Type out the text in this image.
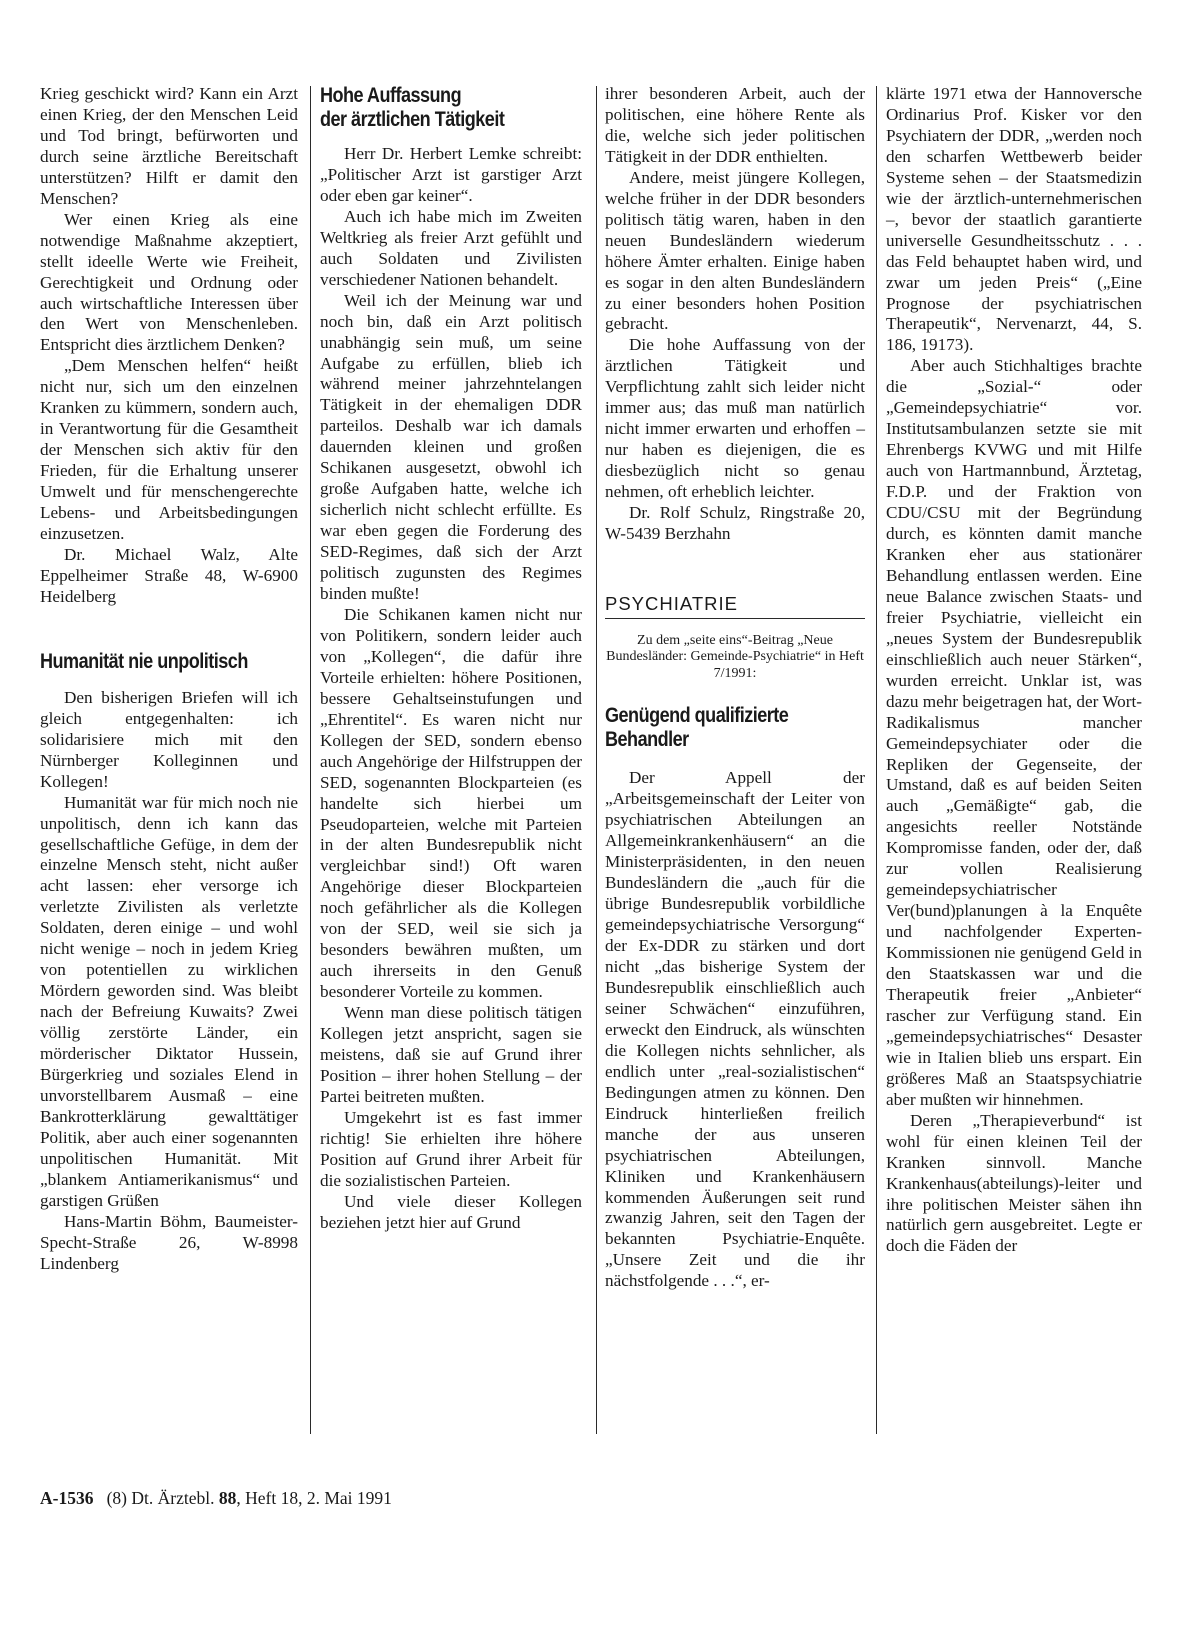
Krieg geschickt wird? Kann ein Arzt einen Krieg, der den Menschen Leid und Tod bringt, befürworten und durch seine ärztliche Bereitschaft unterstützen? Hilft er damit den Menschen?

Wer einen Krieg als eine notwendige Maßnahme akzeptiert, stellt ideelle Werte wie Freiheit, Gerechtigkeit und Ordnung oder auch wirtschaftliche Interessen über den Wert von Menschenleben. Entspricht dies ärztlichem Denken?

„Dem Menschen helfen“ heißt nicht nur, sich um den einzelnen Kranken zu kümmern, sondern auch, in Verantwortung für die Gesamtheit der Menschen sich aktiv für den Frieden, für die Erhaltung unserer Umwelt und für menschengerechte Lebens- und Arbeitsbedingungen einzusetzen.

Dr. Michael Walz, Alte Eppelheimer Straße 48, W-6900 Heidelberg

Humanität nie unpolitisch

Den bisherigen Briefen will ich gleich entgegenhalten: ich solidarisiere mich mit den Nürnberger Kolleginnen und Kollegen!

Humanität war für mich noch nie unpolitisch, denn ich kann das gesellschaftliche Gefüge, in dem der einzelne Mensch steht, nicht außer acht lassen: eher versorge ich verletzte Zivilisten als verletzte Soldaten, deren einige – und wohl nicht wenige – noch in jedem Krieg von potentiellen zu wirklichen Mördern geworden sind. Was bleibt nach der Befreiung Kuwaits? Zwei völlig zerstörte Länder, ein mörderischer Diktator Hussein, Bürgerkrieg und soziales Elend in unvorstellbarem Ausmaß – eine Bankrotterklärung gewalttätiger Politik, aber auch einer sogenannten unpolitischen Humanität. Mit „blankem Antiamerikanismus“ und garstigen Grüßen

Hans-Martin Böhm, Baumeister-Specht-Straße 26, W-8998 Lindenberg

Hohe Auffassung
der ärztlichen Tätigkeit

Herr Dr. Herbert Lemke schreibt: „Politischer Arzt ist garstiger Arzt oder eben gar keiner“.

Auch ich habe mich im Zweiten Weltkrieg als freier Arzt gefühlt und auch Soldaten und Zivilisten verschiedener Nationen behandelt.

Weil ich der Meinung war und noch bin, daß ein Arzt politisch unabhängig sein muß, um seine Aufgabe zu erfüllen, blieb ich während meiner jahrzehntelangen Tätigkeit in der ehemaligen DDR parteilos. Deshalb war ich damals dauernden kleinen und großen Schikanen ausgesetzt, obwohl ich große Aufgaben hatte, welche ich sicherlich nicht schlecht erfüllte. Es war eben gegen die Forderung des SED-Regimes, daß sich der Arzt politisch zugunsten des Regimes binden mußte!

Die Schikanen kamen nicht nur von Politikern, sondern leider auch von „Kollegen“, die dafür ihre Vorteile erhielten: höhere Positionen, bessere Gehaltseinstufungen und „Ehrentitel“. Es waren nicht nur Kollegen der SED, sondern ebenso auch Angehörige der Hilfstruppen der SED, sogenannten Blockparteien (es handelte sich hierbei um Pseudoparteien, welche mit Parteien in der alten Bundesrepublik nicht vergleichbar sind!) Oft waren Angehörige dieser Blockparteien noch gefährlicher als die Kollegen von der SED, weil sie sich ja besonders bewähren mußten, um auch ihrerseits in den Genuß besonderer Vorteile zu kommen.

Wenn man diese politisch tätigen Kollegen jetzt anspricht, sagen sie meistens, daß sie auf Grund ihrer Position – ihrer hohen Stellung – der Partei beitreten mußten.

Umgekehrt ist es fast immer richtig! Sie erhielten ihre höhere Position auf Grund ihrer Arbeit für die sozialistischen Parteien.

Und viele dieser Kollegen beziehen jetzt hier auf Grund

ihrer besonderen Arbeit, auch der politischen, eine höhere Rente als die, welche sich jeder politischen Tätigkeit in der DDR enthielten.

Andere, meist jüngere Kollegen, welche früher in der DDR besonders politisch tätig waren, haben in den neuen Bundesländern wiederum höhere Ämter erhalten. Einige haben es sogar in den alten Bundesländern zu einer besonders hohen Position gebracht.

Die hohe Auffassung von der ärztlichen Tätigkeit und Verpflichtung zahlt sich leider nicht immer aus; das muß man natürlich nicht immer erwarten und erhoffen – nur haben es diejenigen, die es diesbezüglich nicht so genau nehmen, oft erheblich leichter.

Dr. Rolf Schulz, Ringstraße 20, W-5439 Berzhahn

PSYCHIATRIE

Zu dem „seite eins“-Beitrag „Neue Bundesländer: Gemeinde-Psychiatrie“ in Heft 7/1991:

Genügend qualifizierte
Behandler

Der Appell der „Arbeitsgemeinschaft der Leiter von psychiatrischen Abteilungen an Allgemeinkrankenhäusern“ an die Ministerpräsidenten, in den neuen Bundesländern die „auch für die übrige Bundesrepublik vorbildliche gemeindepsychiatrische Versorgung“ der Ex-DDR zu stärken und dort nicht „das bisherige System der Bundesrepublik einschließlich auch seiner Schwächen“ einzuführen, erweckt den Eindruck, als wünschten die Kollegen nichts sehnlicher, als endlich unter „real-sozialistischen“ Bedingungen atmen zu können. Den Eindruck hinterließen freilich manche der aus unseren psychiatrischen Abteilungen, Kliniken und Krankenhäusern kommenden Äußerungen seit rund zwanzig Jahren, seit den Tagen der bekannten Psychiatrie-Enquête. „Unsere Zeit und die ihr nächstfolgende . . .“, er-

klärte 1971 etwa der Hannoversche Ordinarius Prof. Kisker vor den Psychiatern der DDR, „werden noch den scharfen Wettbewerb beider Systeme sehen – der Staatsmedizin wie der ärztlich-unternehmerischen –, bevor der staatlich garantierte universelle Gesundheitsschutz . . . das Feld behauptet haben wird, und zwar um jeden Preis“ („Eine Prognose der psychiatrischen Therapeutik“, Nervenarzt, 44, S. 186, 19173).

Aber auch Stichhaltiges brachte die „Sozial-“ oder „Gemeindepsychiatrie“ vor. Institutsambulanzen setzte sie mit Ehrenbergs KVWG und mit Hilfe auch von Hartmannbund, Ärztetag, F.D.P. und der Fraktion von CDU/CSU mit der Begründung durch, es könnten damit manche Kranken eher aus stationärer Behandlung entlassen werden. Eine neue Balance zwischen Staats- und freier Psychiatrie, vielleicht ein „neues System der Bundesrepublik einschließlich auch neuer Stärken“, wurden erreicht. Unklar ist, was dazu mehr beigetragen hat, der Wort-Radikalismus mancher Gemeindepsychiater oder die Repliken der Gegenseite, der Umstand, daß es auf beiden Seiten auch „Gemäßigte“ gab, die angesichts reeller Notstände Kompromisse fanden, oder der, daß zur vollen Realisierung gemeindepsychiatrischer Ver(bund)planungen à la Enquête und nachfolgender Experten-Kommissionen nie genügend Geld in den Staatskassen war und die Therapeutik freier „Anbieter“ rascher zur Verfügung stand. Ein „gemeindepsychiatrisches“ Desaster wie in Italien blieb uns erspart. Ein größeres Maß an Staatspsychiatrie aber mußten wir hinnehmen.

Deren „Therapieverbund“ ist wohl für einen kleinen Teil der Kranken sinnvoll. Manche Krankenhaus(abteilungs)-leiter und ihre politischen Meister sähen ihn natürlich gern ausgebreitet. Legte er doch die Fäden der

A-1536 (8) Dt. Ärztebl. 88, Heft 18, 2. Mai 1991
